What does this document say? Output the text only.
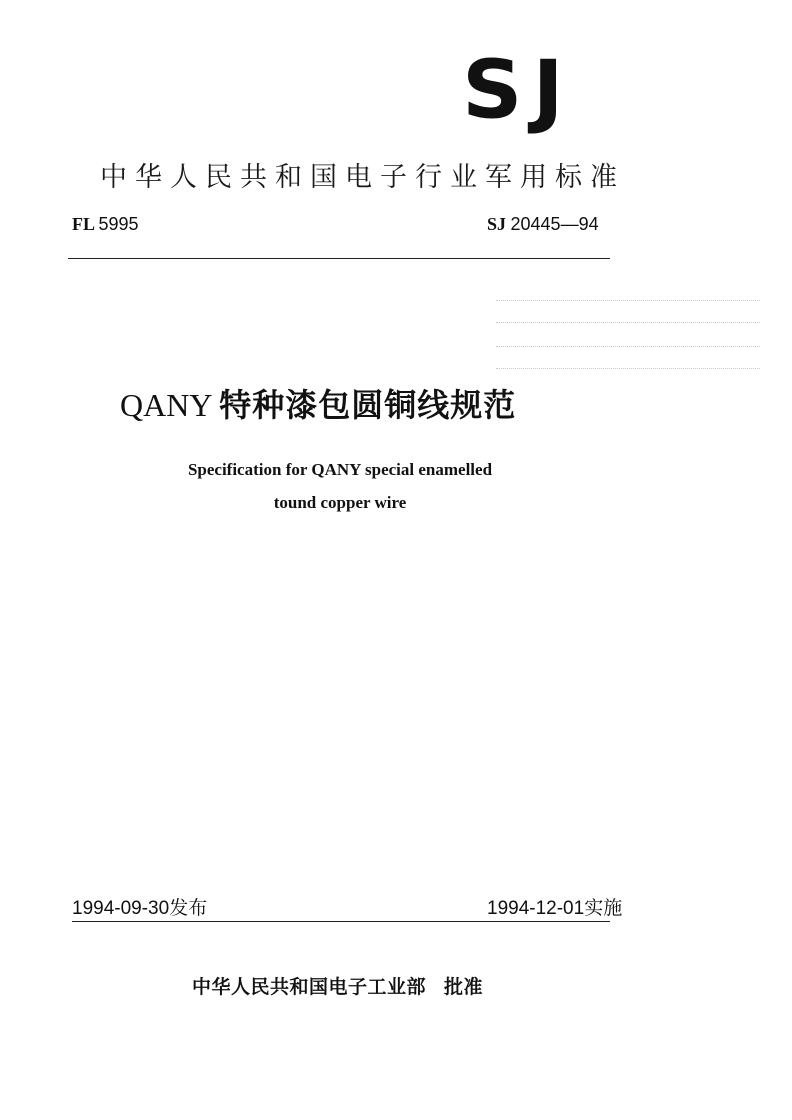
SJ
中华人民共和国电子行业军用标准
FL 5995	SJ 20445—94
QANY 特种漆包圆铜线规范
Specification for QANY special enamelled
tound copper wire
1994-09-30发布	1994-12-01实施
中华人民共和国电子工业部 批准
